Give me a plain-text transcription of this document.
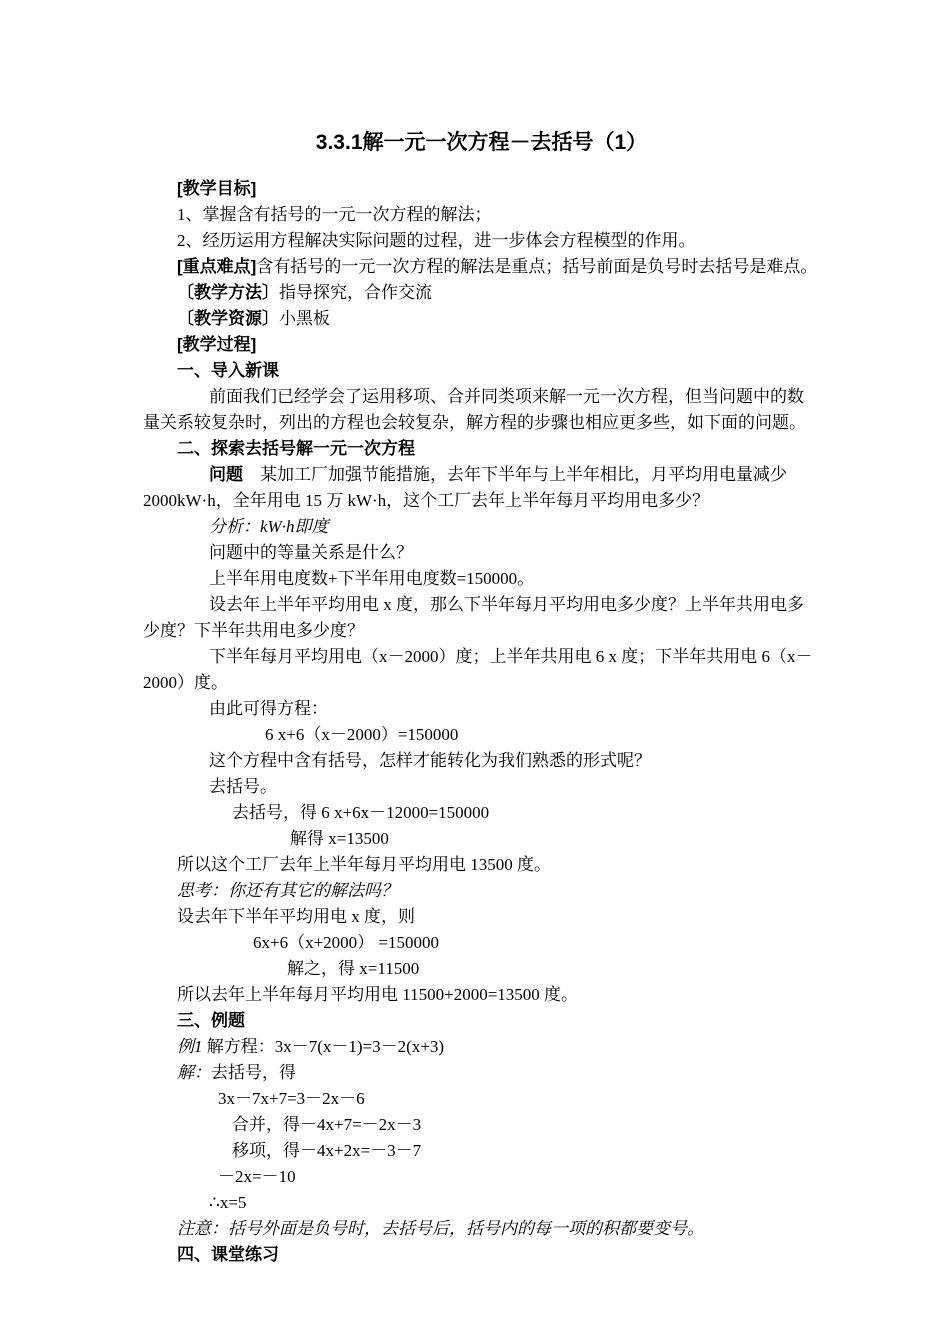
3.3.1解一元一次方程－去括号（1）

[教学目标]

1、掌握含有括号的一元一次方程的解法；

2、经历运用方程解决实际问题的过程，进一步体会方程模型的作用。

[重点难点]含有括号的一元一次方程的解法是重点；括号前面是负号时去括号是难点。

〔教学方法〕指导探究，合作交流

〔教学资源〕小黑板

[教学过程]

一、导入新课

前面我们已经学会了运用移项、合并同类项来解一元一次方程，但当问题中的数量关系较复杂时，列出的方程也会较复杂，解方程的步骤也相应更多些，如下面的问题。

二、探索去括号解一元一次方程

问题　某加工厂加强节能措施，去年下半年与上半年相比，月平均用电量减少2000kW·h，全年用电 15 万 kW·h，这个工厂去年上半年每月平均用电多少？

分析：kW·h即度

问题中的等量关系是什么？

上半年用电度数+下半年用电度数=150000。

设去年上半年平均用电 x 度，那么下半年每月平均用电多少度？上半年共用电多少度？下半年共用电多少度？

下半年每月平均用电（x－2000）度；上半年共用电 6 x 度；下半年共用电 6（x－2000）度。

由此可得方程：

6 x+6（x－2000）=150000

这个方程中含有括号，怎样才能转化为我们熟悉的形式呢？

去括号。

去括号，得 6 x+6x－12000=150000

解得 x=13500

所以这个工厂去年上半年每月平均用电 13500 度。

思考：你还有其它的解法吗？

设去年下半年平均用电 x 度，则

6x+6（x+2000） =150000

解之，得 x=11500

所以去年上半年每月平均用电 11500+2000=13500 度。

三、例题

例1 解方程：3x－7(x－1)=3－2(x+3)

解：去括号，得

3x－7x+7=3－2x－6

合并，得－4x+7=－2x－3

移项，得－4x+2x=－3－7

－2x=－10

∴x=5

注意：括号外面是负号时，去括号后，括号内的每一项的积都要变号。

四、课堂练习
